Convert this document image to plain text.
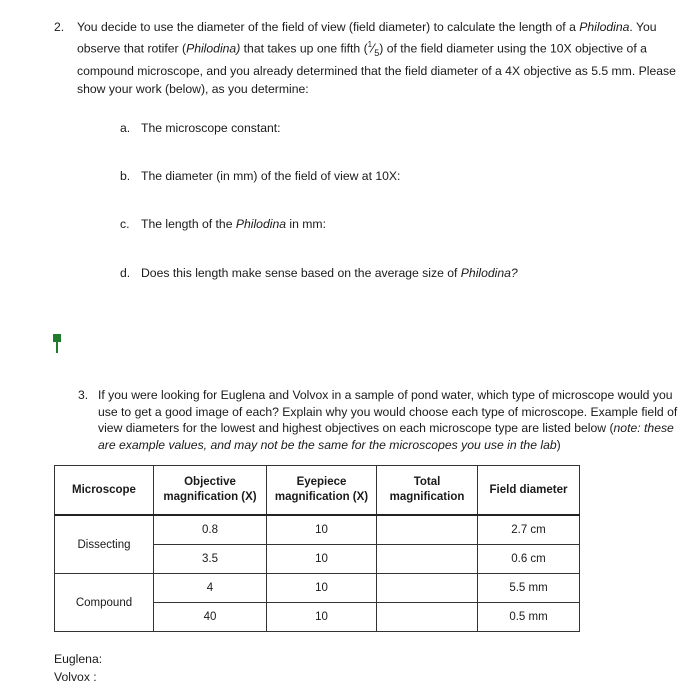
2. You decide to use the diameter of the field of view (field diameter) to calculate the length of a Philodina. You observe that rotifer (Philodina) that takes up one fifth $(^1⁄_5)$ of the field diameter using the 10X objective of a compound microscope, and you already determined that the field diameter of a 4X objective as 5.5 mm. Please show your work (below), as you determine:
a. The microscope constant:
b. The diameter (in mm) of the field of view at 10X:
c. The length of the Philodina in mm:
d. Does this length make sense based on the average size of Philodina?
3. If you were looking for Euglena and Volvox in a sample of pond water, which type of microscope would you use to get a good image of each? Explain why you would choose each type of microscope. Example field of view diameters for the lowest and highest objectives on each microscope type are listed below (note: these are example values, and may not be the same for the microscopes you use in the lab)
Microscope	Objective magnification (X)	Eyepiece magnification (X)	Total magnification	Field diameter
Dissecting	0.8	10		2.7 cm
	3.5	10		0.6 cm
Compound	4	10		5.5 mm
	40	10		0.5 mm
Euglena:
Volvox :
